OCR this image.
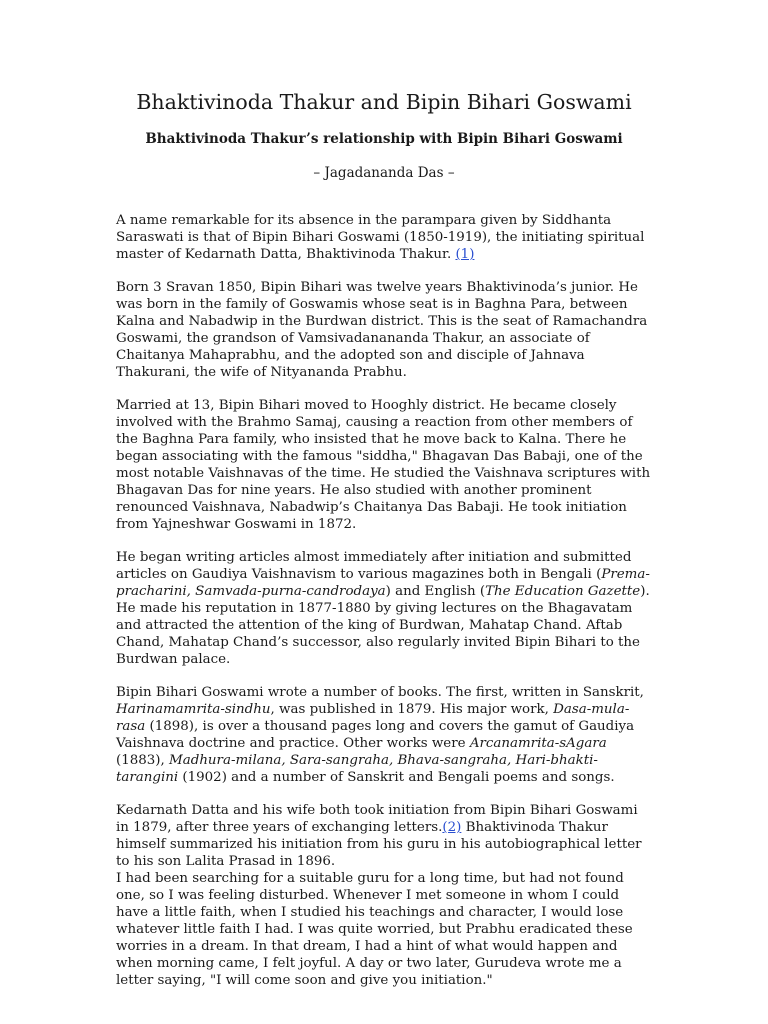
Bhaktivinoda Thakur and Bipin Bihari Goswami
Bhaktivinoda Thakur’s relationship with Bipin Bihari Goswami
– Jagadananda Das –

A name remarkable for its absence in the parampara given by Siddhanta Saraswati is that of Bipin Bihari Goswami (1850-1919), the initiating spiritual master of Kedarnath Datta, Bhaktivinoda Thakur. (1)

Born 3 Sravan 1850, Bipin Bihari was twelve years Bhaktivinoda’s junior. He was born in the family of Goswamis whose seat is in Baghna Para, between Kalna and Nabadwip in the Burdwan district. This is the seat of Ramachandra Goswami, the grandson of Vamsivadanananda Thakur, an associate of Chaitanya Mahaprabhu, and the adopted son and disciple of Jahnava Thakurani, the wife of Nityananda Prabhu.

Married at 13, Bipin Bihari moved to Hooghly district. He became closely involved with the Brahmo Samaj, causing a reaction from other members of the Baghna Para family, who insisted that he move back to Kalna. There he began associating with the famous "siddha," Bhagavan Das Babaji, one of the most notable Vaishnavas of the time. He studied the Vaishnava scriptures with Bhagavan Das for nine years. He also studied with another prominent renounced Vaishnava, Nabadwip’s Chaitanya Das Babaji. He took initiation from Yajneshwar Goswami in 1872.

He began writing articles almost immediately after initiation and submitted articles on Gaudiya Vaishnavism to various magazines both in Bengali (Prema-pracharini, Samvada-purna-candrodaya) and English (The Education Gazette). He made his reputation in 1877-1880 by giving lectures on the Bhagavatam and attracted the attention of the king of Burdwan, Mahatap Chand. Aftab Chand, Mahatap Chand’s successor, also regularly invited Bipin Bihari to the Burdwan palace.

Bipin Bihari Goswami wrote a number of books. The first, written in Sanskrit, Harinamamrita-sindhu, was published in 1879. His major work, Dasa-mula-rasa (1898), is over a thousand pages long and covers the gamut of Gaudiya Vaishnava doctrine and practice. Other works were Arcanamrita-sAgara (1883), Madhura-milana, Sara-sangraha, Bhava-sangraha, Hari-bhakti-tarangini (1902) and a number of Sanskrit and Bengali poems and songs.

Kedarnath Datta and his wife both took initiation from Bipin Bihari Goswami in 1879, after three years of exchanging letters.(2) Bhaktivinoda Thakur himself summarized his initiation from his guru in his autobiographical letter to his son Lalita Prasad in 1896.

I had been searching for a suitable guru for a long time, but had not found one, so I was feeling disturbed. Whenever I met someone in whom I could have a little faith, when I studied his teachings and character, I would lose whatever little faith I had. I was quite worried, but Prabhu eradicated these worries in a dream. In that dream, I had a hint of what would happen and when morning came, I felt joyful. A day or two later, Gurudeva wrote me a letter saying, "I will come soon and give you initiation."
